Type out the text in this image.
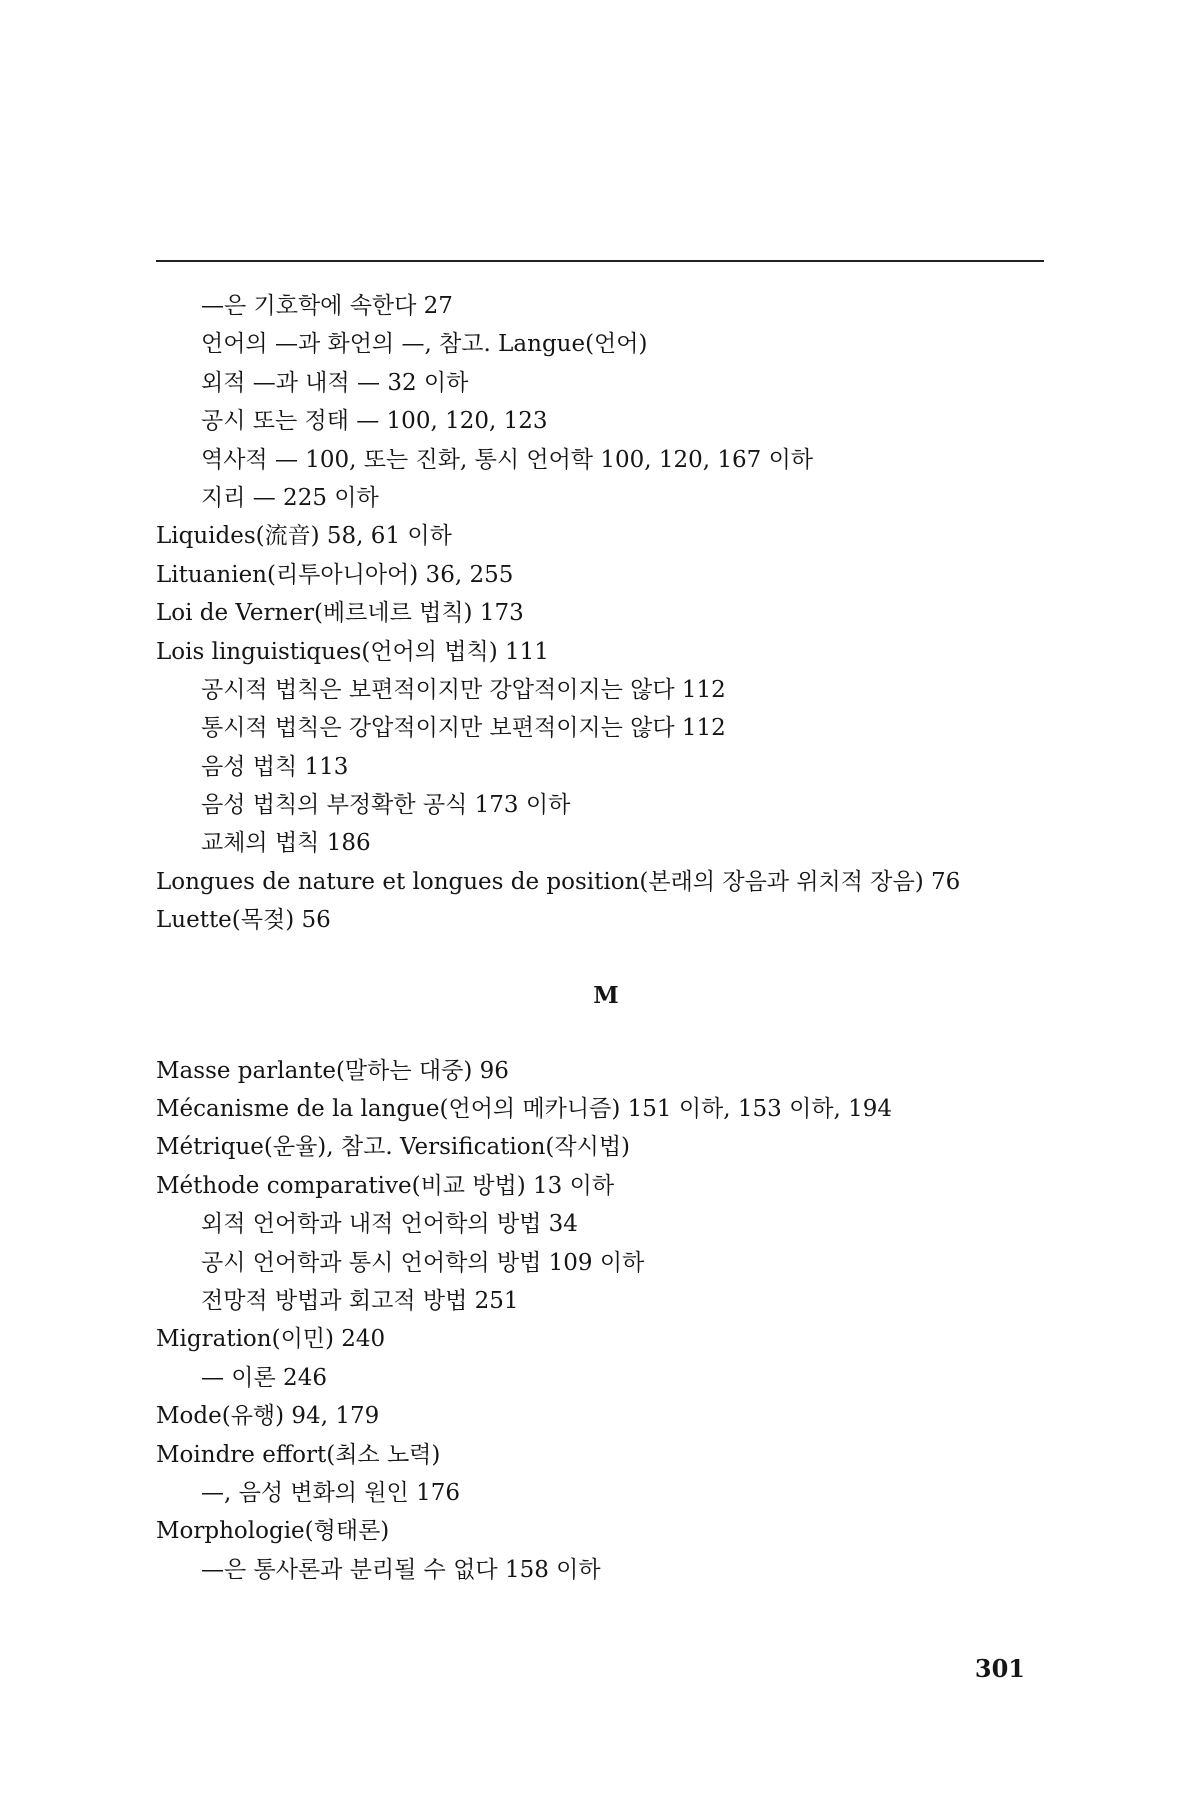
—은 기호학에 속한다 27
언어의 —과 화언의 —, 참고. Langue(언어)
외적 —과 내적 — 32 이하
공시 또는 정태 — 100, 120, 123
역사적 — 100, 또는 진화, 통시 언어학 100, 120, 167 이하
지리 — 225 이하
Liquides(流音) 58, 61 이하
Lituanien(리투아니아어) 36, 255
Loi de Verner(베르네르 법칙) 173
Lois linguistiques(언어의 법칙) 111
공시적 법칙은 보편적이지만 강압적이지는 않다 112
통시적 법칙은 강압적이지만 보편적이지는 않다 112
음성 법칙 113
음성 법칙의 부정확한 공식 173 이하
교체의 법칙 186
Longues de nature et longues de position(본래의 장음과 위치적 장음) 76
Luette(목젖) 56
M
Masse parlante(말하는 대중) 96
Mécanisme de la langue(언어의 메카니즘) 151 이하, 153 이하, 194
Métrique(운율), 참고. Versification(작시법)
Méthode comparative(비교 방법) 13 이하
외적 언어학과 내적 언어학의 방법 34
공시 언어학과 통시 언어학의 방법 109 이하
전망적 방법과 회고적 방법 251
Migration(이민) 240
— 이론 246
Mode(유행) 94, 179
Moindre effort(최소 노력)
—, 음성 변화의 원인 176
Morphologie(형태론)
—은 통사론과 분리될 수 없다 158 이하
301
